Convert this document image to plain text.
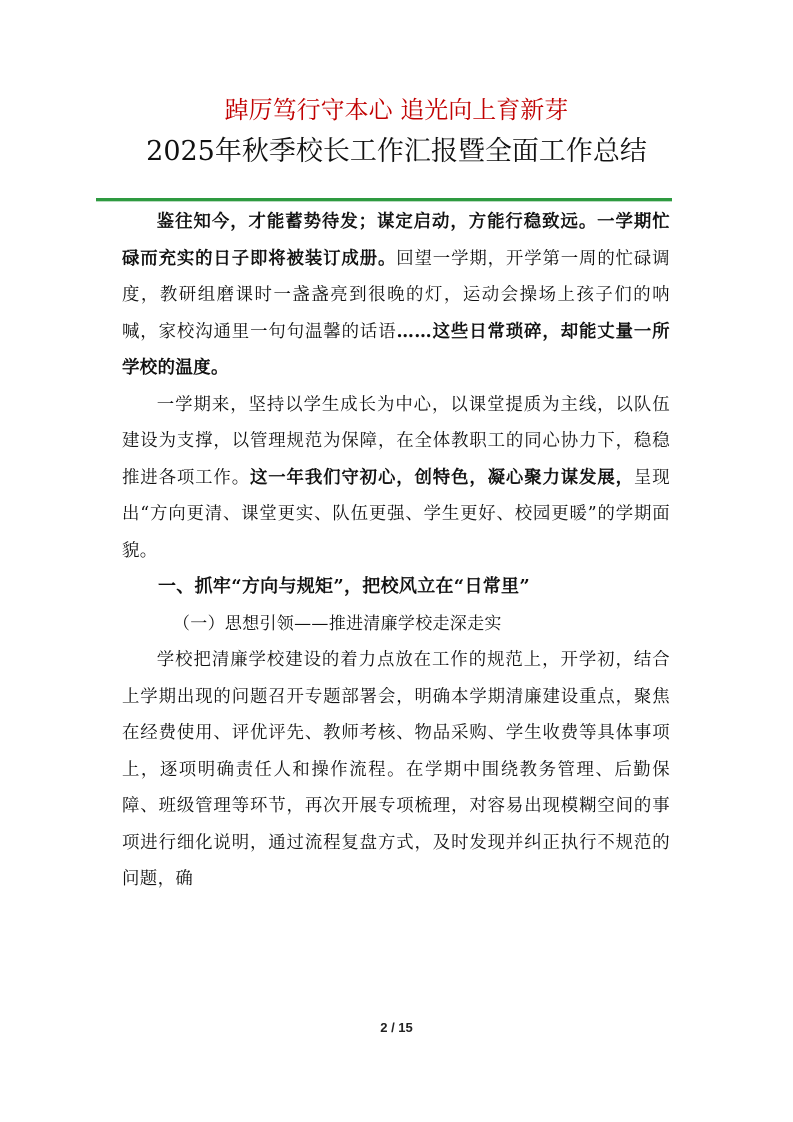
踔厉笃行守本心 追光向上育新芽

2025年秋季校长工作汇报暨全面工作总结

鉴往知今，才能蓄势待发；谋定启动，方能行稳致远。一学期忙碌而充实的日子即将被装订成册。回望一学期，开学第一周的忙碌调度，教研组磨课时一盏盏亮到很晚的灯，运动会操场上孩子们的呐喊，家校沟通里一句句温馨的话语……这些日常琐碎，却能丈量一所学校的温度。

一学期来，坚持以学生成长为中心，以课堂提质为主线，以队伍建设为支撑，以管理规范为保障，在全体教职工的同心协力下，稳稳推进各项工作。这一年我们守初心，创特色，凝心聚力谋发展，呈现出“方向更清、课堂更实、队伍更强、学生更好、校园更暖”的学期面貌。

一、抓牢“方向与规矩”，把校风立在“日常里”

（一）思想引领——推进清廉学校走深走实

学校把清廉学校建设的着力点放在工作的规范上，开学初，结合上学期出现的问题召开专题部署会，明确本学期清廉建设重点，聚焦在经费使用、评优评先、教师考核、物品采购、学生收费等具体事项上，逐项明确责任人和操作流程。在学期中围绕教务管理、后勤保障、班级管理等环节，再次开展专项梳理，对容易出现模糊空间的事项进行细化说明，通过流程复盘方式，及时发现并纠正执行不规范的问题，确

2 / 15
